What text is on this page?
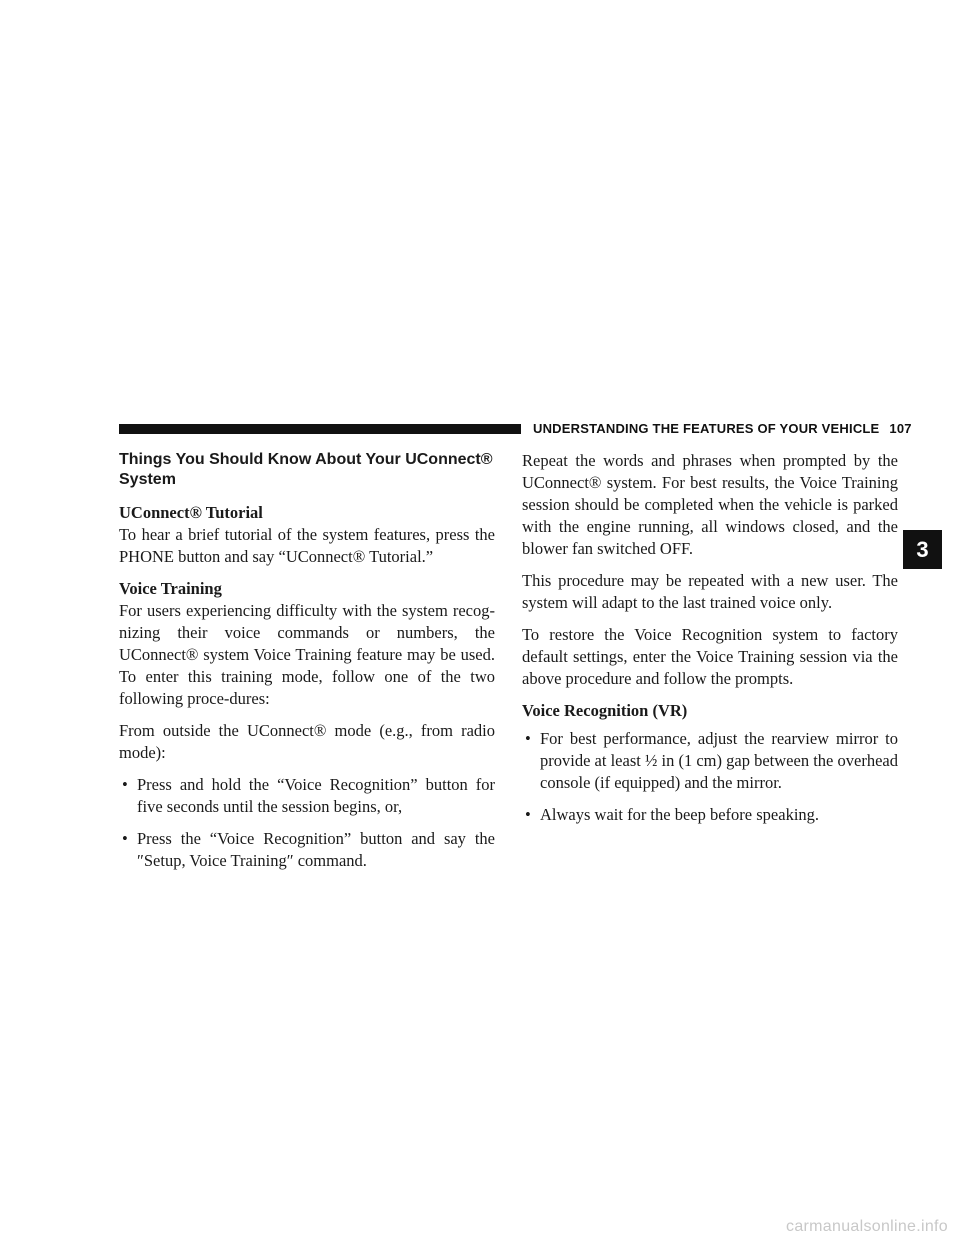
UNDERSTANDING THE FEATURES OF YOUR VEHICLE 107
Things You Should Know About Your UConnect®
System
UConnect® Tutorial

To hear a brief tutorial of the system features, press the PHONE button and say “UConnect® Tutorial.”

Voice Training

For users experiencing difficulty with the system recog-nizing their voice commands or numbers, the UConnect® system Voice Training feature may be used. To enter this training mode, follow one of the two following proce-dures:

From outside the UConnect® mode (e.g., from radio mode):

• Press and hold the “Voice Recognition” button for five seconds until the session begins, or,
• Press the “Voice Recognition” button and say the ″Setup, Voice Training″ command.

Repeat the words and phrases when prompted by the UConnect® system. For best results, the Voice Training session should be completed when the vehicle is parked with the engine running, all windows closed, and the blower fan switched OFF.

This procedure may be repeated with a new user. The system will adapt to the last trained voice only.

To restore the Voice Recognition system to factory default settings, enter the Voice Training session via the above procedure and follow the prompts.

Voice Recognition (VR)
• For best performance, adjust the rearview mirror to provide at least ½ in (1 cm) gap between the overhead console (if equipped) and the mirror.
• Always wait for the beep before speaking.
3
carmanualsonline.info
